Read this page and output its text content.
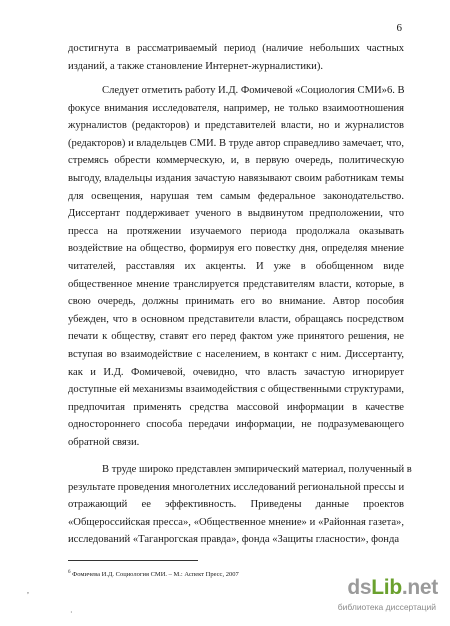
6
достигнута в рассматриваемый период (наличие небольших частных
изданий, а также становление Интернет-журналистики).
Следует отметить работу И.Д. Фомичевой «Социология СМИ»6. В
фокусе внимания исследователя, например, не только взаимоотношения
журналистов (редакторов) и представителей власти, но и журналистов
(редакторов) и владельцев СМИ. В труде автор справедливо замечает, что,
стремясь обрести коммерческую, и, в первую очередь, политическую
выгоду, владельцы издания зачастую навязывают своим работникам темы
для освещения, нарушая тем самым федеральное законодательство.
Диссертант поддерживает ученого в выдвинутом предположении, что
пресса на протяжении изучаемого периода продолжала оказывать
воздействие на общество, формируя его повестку дня, определяя мнение
читателей, расставляя их акценты. И уже в обобщенном виде
общественное мнение транслируется представителям власти, которые, в
свою очередь, должны принимать его во внимание. Автор пособия
убежден, что в основном представители власти, обращаясь посредством
печати к обществу, ставят его перед фактом уже принятого решения, не
вступая во взаимодействие с населением, в контакт с ним. Диссертанту,
как и И.Д. Фомичевой, очевидно, что власть зачастую игнорирует
доступные ей механизмы взаимодействия с общественными структурами,
предпочитая применять средства массовой информации в качестве
одностороннего способа передачи информации, не подразумевающего
обратной связи.
В труде широко представлен эмпирический материал, полученный в
результате проведения многолетних исследований региональной прессы и
отражающий ее эффективность. Приведены данные проектов
«Общероссийская пресса», «Общественное мнение» и «Районная газета»,
исследований «Таганрогская правда», фонда «Защиты гласности», фонда
$^6$ Фомичева И.Д. Социология СМИ. – М.: Аспект Пресс, 2007
,
·
dsLib.net
библиотека диссертаций
